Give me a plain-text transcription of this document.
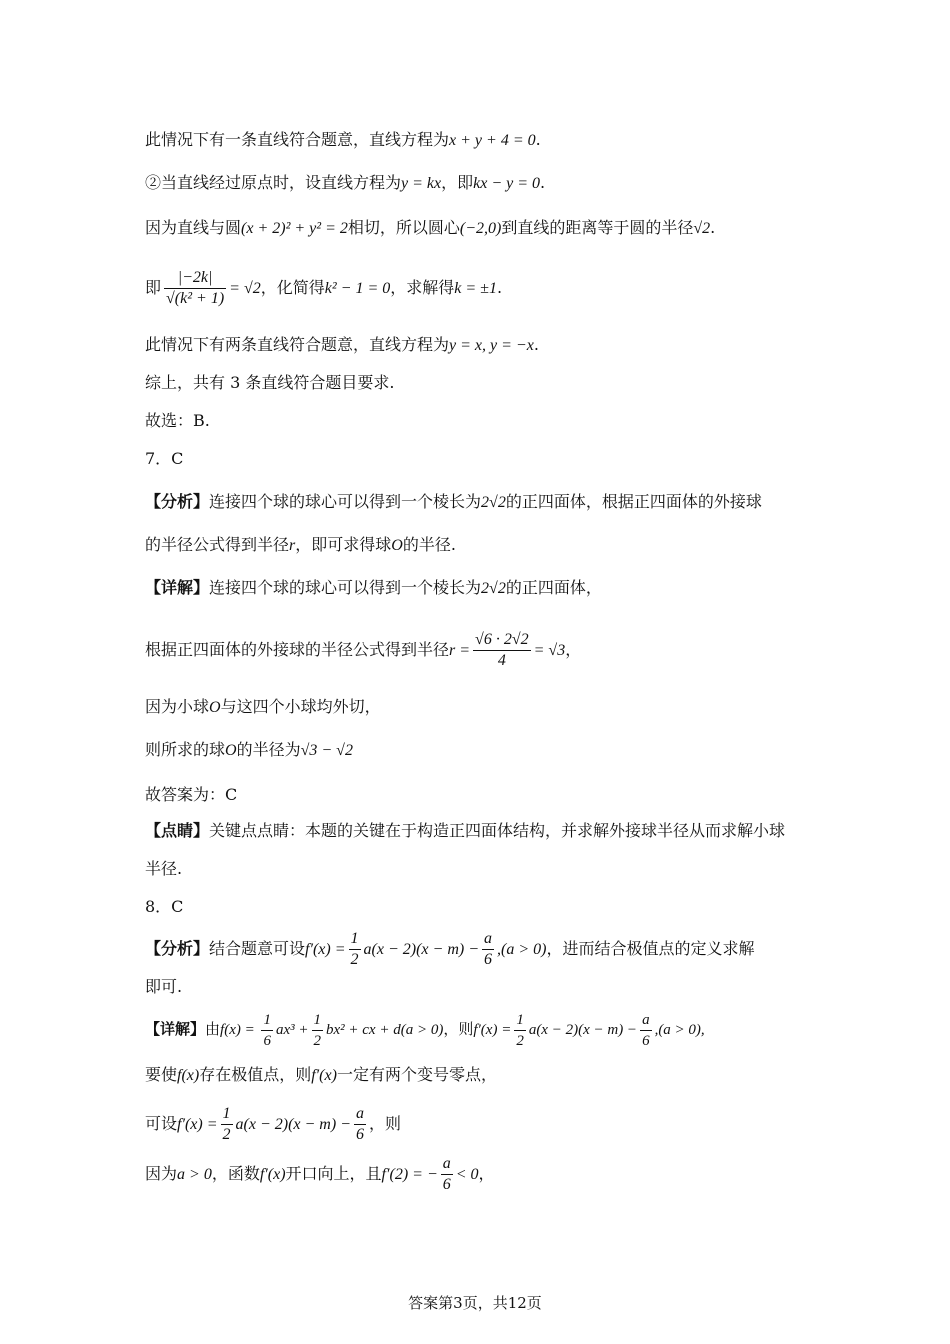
此情况下有一条直线符合题意，直线方程为x + y + 4 = 0.
②当直线经过原点时，设直线方程为y = kx，即kx − y = 0.
因为直线与圆(x + 2)² + y² = 2相切，所以圆心(−2,0)到直线的距离等于圆的半径√2.
即 $\frac{|-2k|}{\text{√(k² + 1)}} = √2$，化简得k² − 1 = 0，求解得k = ±1.
此情况下有两条直线符合题意，直线方程为y = x, y = −x.
综上，共有 3 条直线符合题目要求.
故选：B.
7．C
【分析】连接四个球的球心可以得到一个棱长为2√2的正四面体，根据正四面体的外接球
的半径公式得到半径r，即可求得球O的半径.
【详解】连接四个球的球心可以得到一个棱长为2√2的正四面体，
根据正四面体的外接球的半径公式得到半径$r = \frac{√6 \cdot 2√2}{4} = √3$，
因为小球O与这四个小球均外切，
则所求的球O的半径为√3 − √2
故答案为：C
【点睛】关键点点睛：本题的关键在于构造正四面体结构，并求解外接球半径从而求解小球
半径.
8．C
【分析】结合题意可设$f'(x) = \frac{1}{2} a(x - 2)(x - m) - \frac{a}{6} ,(a > 0)$，进而结合极值点的定义求解
即可.
【详解】由$f(x) = \frac{1}{6} ax^3 + \frac{1}{2} bx^2$ + cx + d(a > 0)，则$f'(x) = \frac{1}{2} a(x - 2)(x - m) - \frac{a}{6} ,(a > 0)$,
要使f(x)存在极值点，则f′(x)一定有两个变号零点，
可设$f'(x) = \frac{1}{2} a(x - 2)(x - m) - \frac{a}{6}$ ，则
因为a > 0，函数f′(x)开口向上，且f′(2) = − $\frac{a}{6} < 0$，
答案第3页，共12页
